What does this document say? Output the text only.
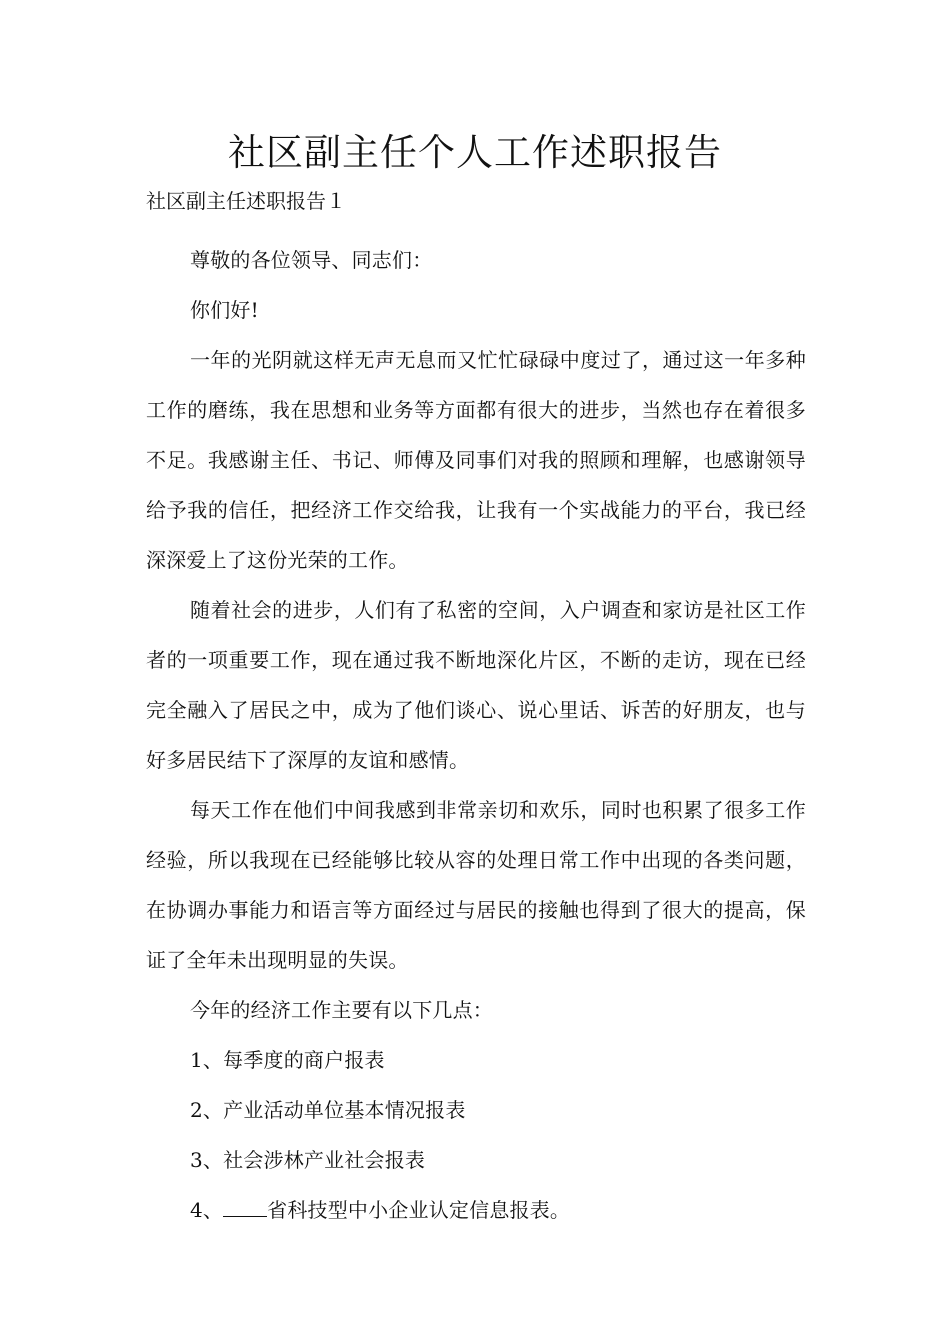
社区副主任个人工作述职报告
社区副主任述职报告１

尊敬的各位领导、同志们：

你们好!

一年的光阴就这样无声无息而又忙忙碌碌中度过了，通过这一年多种工作的磨练，我在思想和业务等方面都有很大的进步，当然也存在着很多不足。我感谢主任、书记、师傅及同事们对我的照顾和理解，也感谢领导给予我的信任，把经济工作交给我，让我有一个实战能力的平台，我已经深深爱上了这份光荣的工作。

随着社会的进步，人们有了私密的空间，入户调查和家访是社区工作者的一项重要工作，现在通过我不断地深化片区，不断的走访，现在已经完全融入了居民之中，成为了他们谈心、说心里话、诉苦的好朋友，也与好多居民结下了深厚的友谊和感情。

每天工作在他们中间我感到非常亲切和欢乐，同时也积累了很多工作经验，所以我现在已经能够比较从容的处理日常工作中出现的各类问题，在协调办事能力和语言等方面经过与居民的接触也得到了很大的提高，保证了全年未出现明显的失误。

今年的经济工作主要有以下几点：

1、每季度的商户报表

2、产业活动单位基本情况报表

3、社会涉林产业社会报表

4、 省科技型中小企业认定信息报表。
